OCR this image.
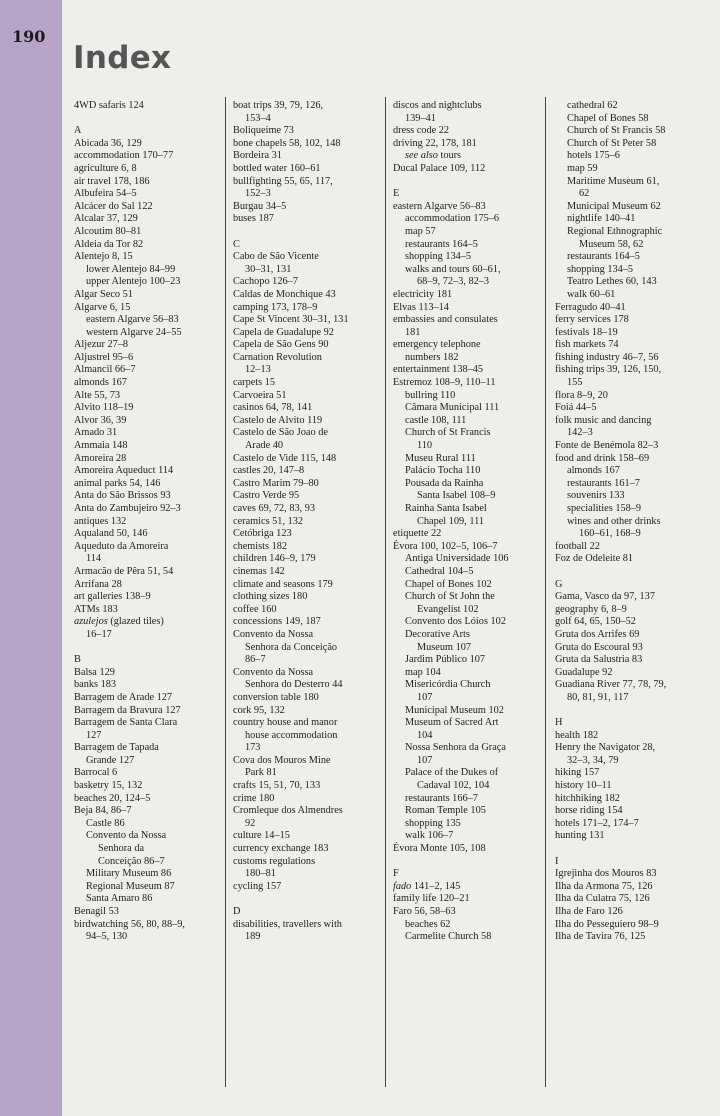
190
Index
4WD safaris 124
A
Abicada 36, 129
accommodation 170–77
agriculture 6, 8
air travel 178, 186
Albufeira 54–5
Alcácer do Sal 122
Alcalar 37, 129
Alcoutim 80–81
Aldeia da Tor 82
Alentejo 8, 15
lower Alentejo 84–99
upper Alentejo 100–23
Algar Seco 51
Algarve 6, 15
eastern Algarve 56–83
western Algarve 24–55
Aljezur 27–8
Aljustrel 95–6
Almancil 66–7
almonds 167
Alte 55, 73
Alvito 118–19
Alvor 36, 39
Amado 31
Ammaia 148
Amoreira 28
Amoreira Aqueduct 114
animal parks 54, 146
Anta do São Brissos 93
Anta do Zambujeiro 92–3
antiques 132
Aqualand 50, 146
Aqueduto da Amoreira
114
Armacão de Pêra 51, 54
Arrifana 28
art galleries 138–9
ATMs 183
azulejos (glazed tiles)
16–17
B
Balsa 129
banks 183
Barragem de Arade 127
Barragem da Bravura 127
Barragem de Santa Clara
127
Barragem de Tapada
Grande 127
Barrocal 6
basketry 15, 132
beaches 20, 124–5
Beja 84, 86–7
Castle 86
Convento da Nossa
Senhora da
Conceição 86–7
Military Museum 86
Regional Museum 87
Santa Amaro 86
Benagil 53
birdwatching 56, 80, 88–9,
94–5, 130
boat trips 39, 79, 126,
153–4
Boliqueime 73
bone chapels 58, 102, 148
Bordeira 31
bottled water 160–61
bullfighting 55, 65, 117,
152–3
Burgau 34–5
buses 187
C
Cabo de São Vicente
30–31, 131
Cachopo 126–7
Caldas de Monchique 43
camping 173, 178–9
Cape St Vincent 30–31, 131
Capela de Guadalupe 92
Capela de São Gens 90
Carnation Revolution
12–13
carpets 15
Carvoeira 51
casinos 64, 78, 141
Castelo de Alvito 119
Castelo de São Joao de
Arade 40
Castelo de Vide 115, 148
castles 20, 147–8
Castro Marim 79–80
Castro Verde 95
caves 69, 72, 83, 93
ceramics 51, 132
Cetóbriga 123
chemists 182
children 146–9, 179
cinemas 142
climate and seasons 179
clothing sizes 180
coffee 160
concessions 149, 187
Convento da Nossa
Senhora da Conceição
86–7
Convento da Nossa
Senhora do Desterro 44
conversion table 180
cork 95, 132
country house and manor
house accommodation
173
Cova dos Mouros Mine
Park 81
crafts 15, 51, 70, 133
crime 180
Cromleque dos Almendres
92
culture 14–15
currency exchange 183
customs regulations
180–81
cycling 157
D
disabilities, travellers with
189
discos and nightclubs
139–41
dress code 22
driving 22, 178, 181
see also tours
Ducal Palace 109, 112
E
eastern Algarve 56–83
accommodation 175–6
map 57
restaurants 164–5
shopping 134–5
walks and tours 60–61,
68–9, 72–3, 82–3
electricity 181
Elvas 113–14
embassies and consulates
181
emergency telephone
numbers 182
entertainment 138–45
Estremoz 108–9, 110–11
bullring 110
Câmara Municipal 111
castle 108, 111
Church of St Francis
110
Museu Rural 111
Palácio Tocha 110
Pousada da Rainha
Santa Isabel 108–9
Rainha Santa Isabel
Chapel 109, 111
etiquette 22
Évora 100, 102–5, 106–7
Antiga Universidade 106
Cathedral 104–5
Chapel of Bones 102
Church of St John the
Evangelist 102
Convento dos Lóios 102
Decorative Arts
Museum 107
Jardim Público 107
map 104
Misericórdia Church
107
Municipal Museum 102
Museum of Sacred Art
104
Nossa Senhora da Graça
107
Palace of the Dukes of
Cadaval 102, 104
restaurants 166–7
Roman Temple 105
shopping 135
walk 106–7
Évora Monte 105, 108
F
fado 141–2, 145
family life 120–21
Faro 56, 58–63
beaches 62
Carmelite Church 58
cathedral 62
Chapel of Bones 58
Church of St Francis 58
Church of St Peter 58
hotels 175–6
map 59
Maritime Museum 61,
62
Municipal Museum 62
nightlife 140–41
Regional Ethnographic
Museum 58, 62
restaurants 164–5
shopping 134–5
Teatro Lethes 60, 143
walk 60–61
Ferragudo 40–41
ferry services 178
festivals 18–19
fish markets 74
fishing industry 46–7, 56
fishing trips 39, 126, 150,
155
flora 8–9, 20
Foiá 44–5
folk music and dancing
142–3
Fonte de Benémola 82–3
food and drink 158–69
almonds 167
restaurants 161–7
souvenirs 133
specialities 158–9
wines and other drinks
160–61, 168–9
football 22
Foz de Odeleite 81
G
Gama, Vasco da 97, 137
geography 6, 8–9
golf 64, 65, 150–52
Gruta dos Arrifes 69
Gruta do Escoural 93
Gruta da Salustria 83
Guadalupe 92
Guadiana River 77, 78, 79,
80, 81, 91, 117
H
health 182
Henry the Navigator 28,
32–3, 34, 79
hiking 157
history 10–11
hitchhiking 182
horse riding 154
hotels 171–2, 174–7
hunting 131
I
Igrejinha dos Mouros 83
Ilha da Armona 75, 126
Ilha da Culatra 75, 126
Ilha de Faro 126
Ilha do Pesseguiero 98–9
Ilha de Tavira 76, 125
